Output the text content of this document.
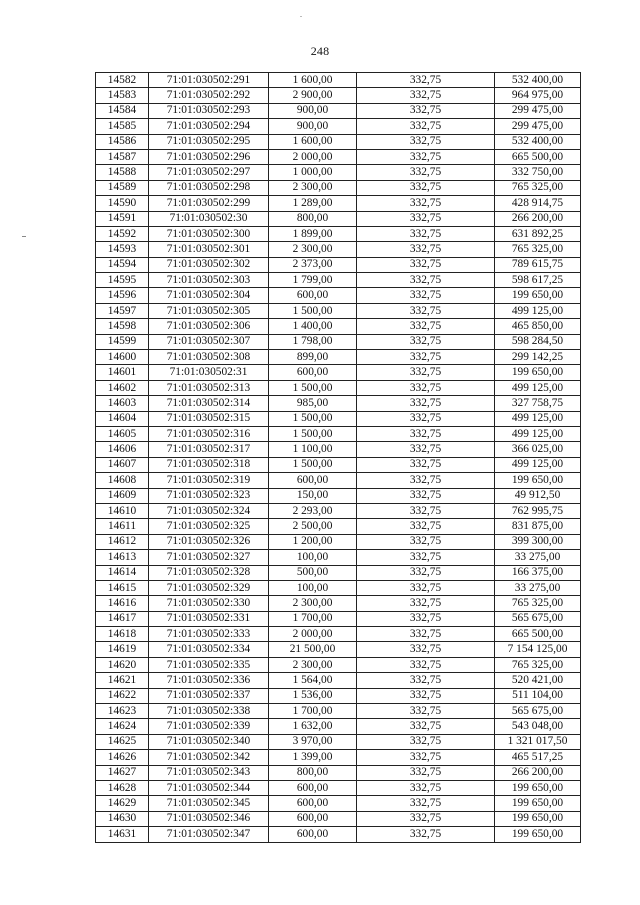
248
14582	71:01:030502:291	1 600,00	332,75	532 400,00
14583	71:01:030502:292	2 900,00	332,75	964 975,00
14584	71:01:030502:293	900,00	332,75	299 475,00
14585	71:01:030502:294	900,00	332,75	299 475,00
14586	71:01:030502:295	1 600,00	332,75	532 400,00
14587	71:01:030502:296	2 000,00	332,75	665 500,00
14588	71:01:030502:297	1 000,00	332,75	332 750,00
14589	71:01:030502:298	2 300,00	332,75	765 325,00
14590	71:01:030502:299	1 289,00	332,75	428 914,75
14591	71:01:030502:30	800,00	332,75	266 200,00
14592	71:01:030502:300	1 899,00	332,75	631 892,25
14593	71:01:030502:301	2 300,00	332,75	765 325,00
14594	71:01:030502:302	2 373,00	332,75	789 615,75
14595	71:01:030502:303	1 799,00	332,75	598 617,25
14596	71:01:030502:304	600,00	332,75	199 650,00
14597	71:01:030502:305	1 500,00	332,75	499 125,00
14598	71:01:030502:306	1 400,00	332,75	465 850,00
14599	71:01:030502:307	1 798,00	332,75	598 284,50
14600	71:01:030502:308	899,00	332,75	299 142,25
14601	71:01:030502:31	600,00	332,75	199 650,00
14602	71:01:030502:313	1 500,00	332,75	499 125,00
14603	71:01:030502:314	985,00	332,75	327 758,75
14604	71:01:030502:315	1 500,00	332,75	499 125,00
14605	71:01:030502:316	1 500,00	332,75	499 125,00
14606	71:01:030502:317	1 100,00	332,75	366 025,00
14607	71:01:030502:318	1 500,00	332,75	499 125,00
14608	71:01:030502:319	600,00	332,75	199 650,00
14609	71:01:030502:323	150,00	332,75	49 912,50
14610	71:01:030502:324	2 293,00	332,75	762 995,75
14611	71:01:030502:325	2 500,00	332,75	831 875,00
14612	71:01:030502:326	1 200,00	332,75	399 300,00
14613	71:01:030502:327	100,00	332,75	33 275,00
14614	71:01:030502:328	500,00	332,75	166 375,00
14615	71:01:030502:329	100,00	332,75	33 275,00
14616	71:01:030502:330	2 300,00	332,75	765 325,00
14617	71:01:030502:331	1 700,00	332,75	565 675,00
14618	71:01:030502:333	2 000,00	332,75	665 500,00
14619	71:01:030502:334	21 500,00	332,75	7 154 125,00
14620	71:01:030502:335	2 300,00	332,75	765 325,00
14621	71:01:030502:336	1 564,00	332,75	520 421,00
14622	71:01:030502:337	1 536,00	332,75	511 104,00
14623	71:01:030502:338	1 700,00	332,75	565 675,00
14624	71:01:030502:339	1 632,00	332,75	543 048,00
14625	71:01:030502:340	3 970,00	332,75	1 321 017,50
14626	71:01:030502:342	1 399,00	332,75	465 517,25
14627	71:01:030502:343	800,00	332,75	266 200,00
14628	71:01:030502:344	600,00	332,75	199 650,00
14629	71:01:030502:345	600,00	332,75	199 650,00
14630	71:01:030502:346	600,00	332,75	199 650,00
14631	71:01:030502:347	600,00	332,75	199 650,00
